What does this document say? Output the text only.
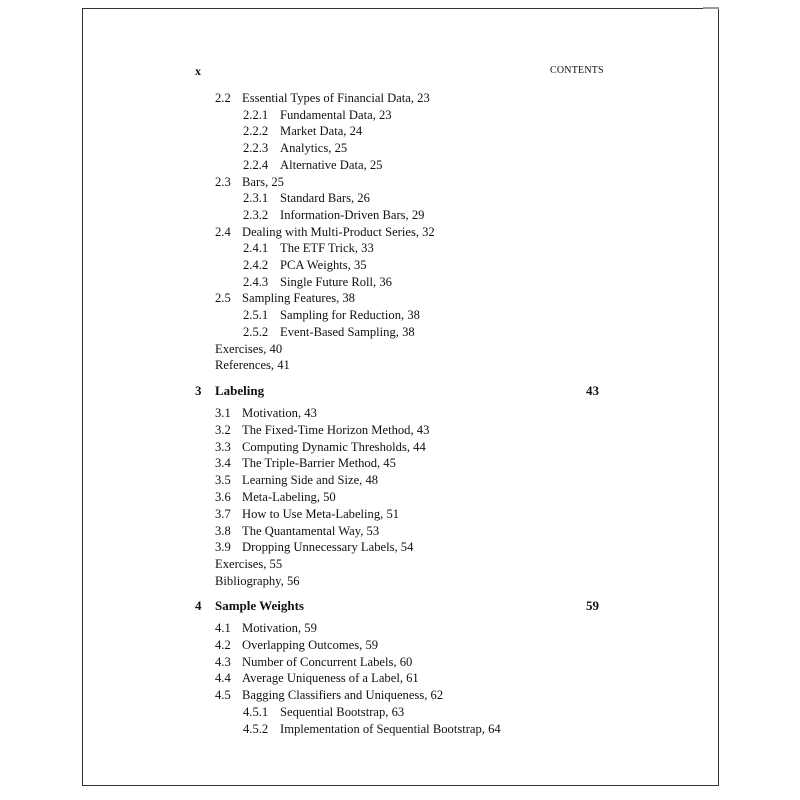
x	CONTENTS
2.2 Essential Types of Financial Data, 23
2.2.1 Fundamental Data, 23
2.2.2 Market Data, 24
2.2.3 Analytics, 25
2.2.4 Alternative Data, 25
2.3 Bars, 25
2.3.1 Standard Bars, 26
2.3.2 Information-Driven Bars, 29
2.4 Dealing with Multi-Product Series, 32
2.4.1 The ETF Trick, 33
2.4.2 PCA Weights, 35
2.4.3 Single Future Roll, 36
2.5 Sampling Features, 38
2.5.1 Sampling for Reduction, 38
2.5.2 Event-Based Sampling, 38
Exercises, 40
References, 41
3 Labeling	43
3.1 Motivation, 43
3.2 The Fixed-Time Horizon Method, 43
3.3 Computing Dynamic Thresholds, 44
3.4 The Triple-Barrier Method, 45
3.5 Learning Side and Size, 48
3.6 Meta-Labeling, 50
3.7 How to Use Meta-Labeling, 51
3.8 The Quantamental Way, 53
3.9 Dropping Unnecessary Labels, 54
Exercises, 55
Bibliography, 56
4 Sample Weights	59
4.1 Motivation, 59
4.2 Overlapping Outcomes, 59
4.3 Number of Concurrent Labels, 60
4.4 Average Uniqueness of a Label, 61
4.5 Bagging Classifiers and Uniqueness, 62
4.5.1 Sequential Bootstrap, 63
4.5.2 Implementation of Sequential Bootstrap, 64
